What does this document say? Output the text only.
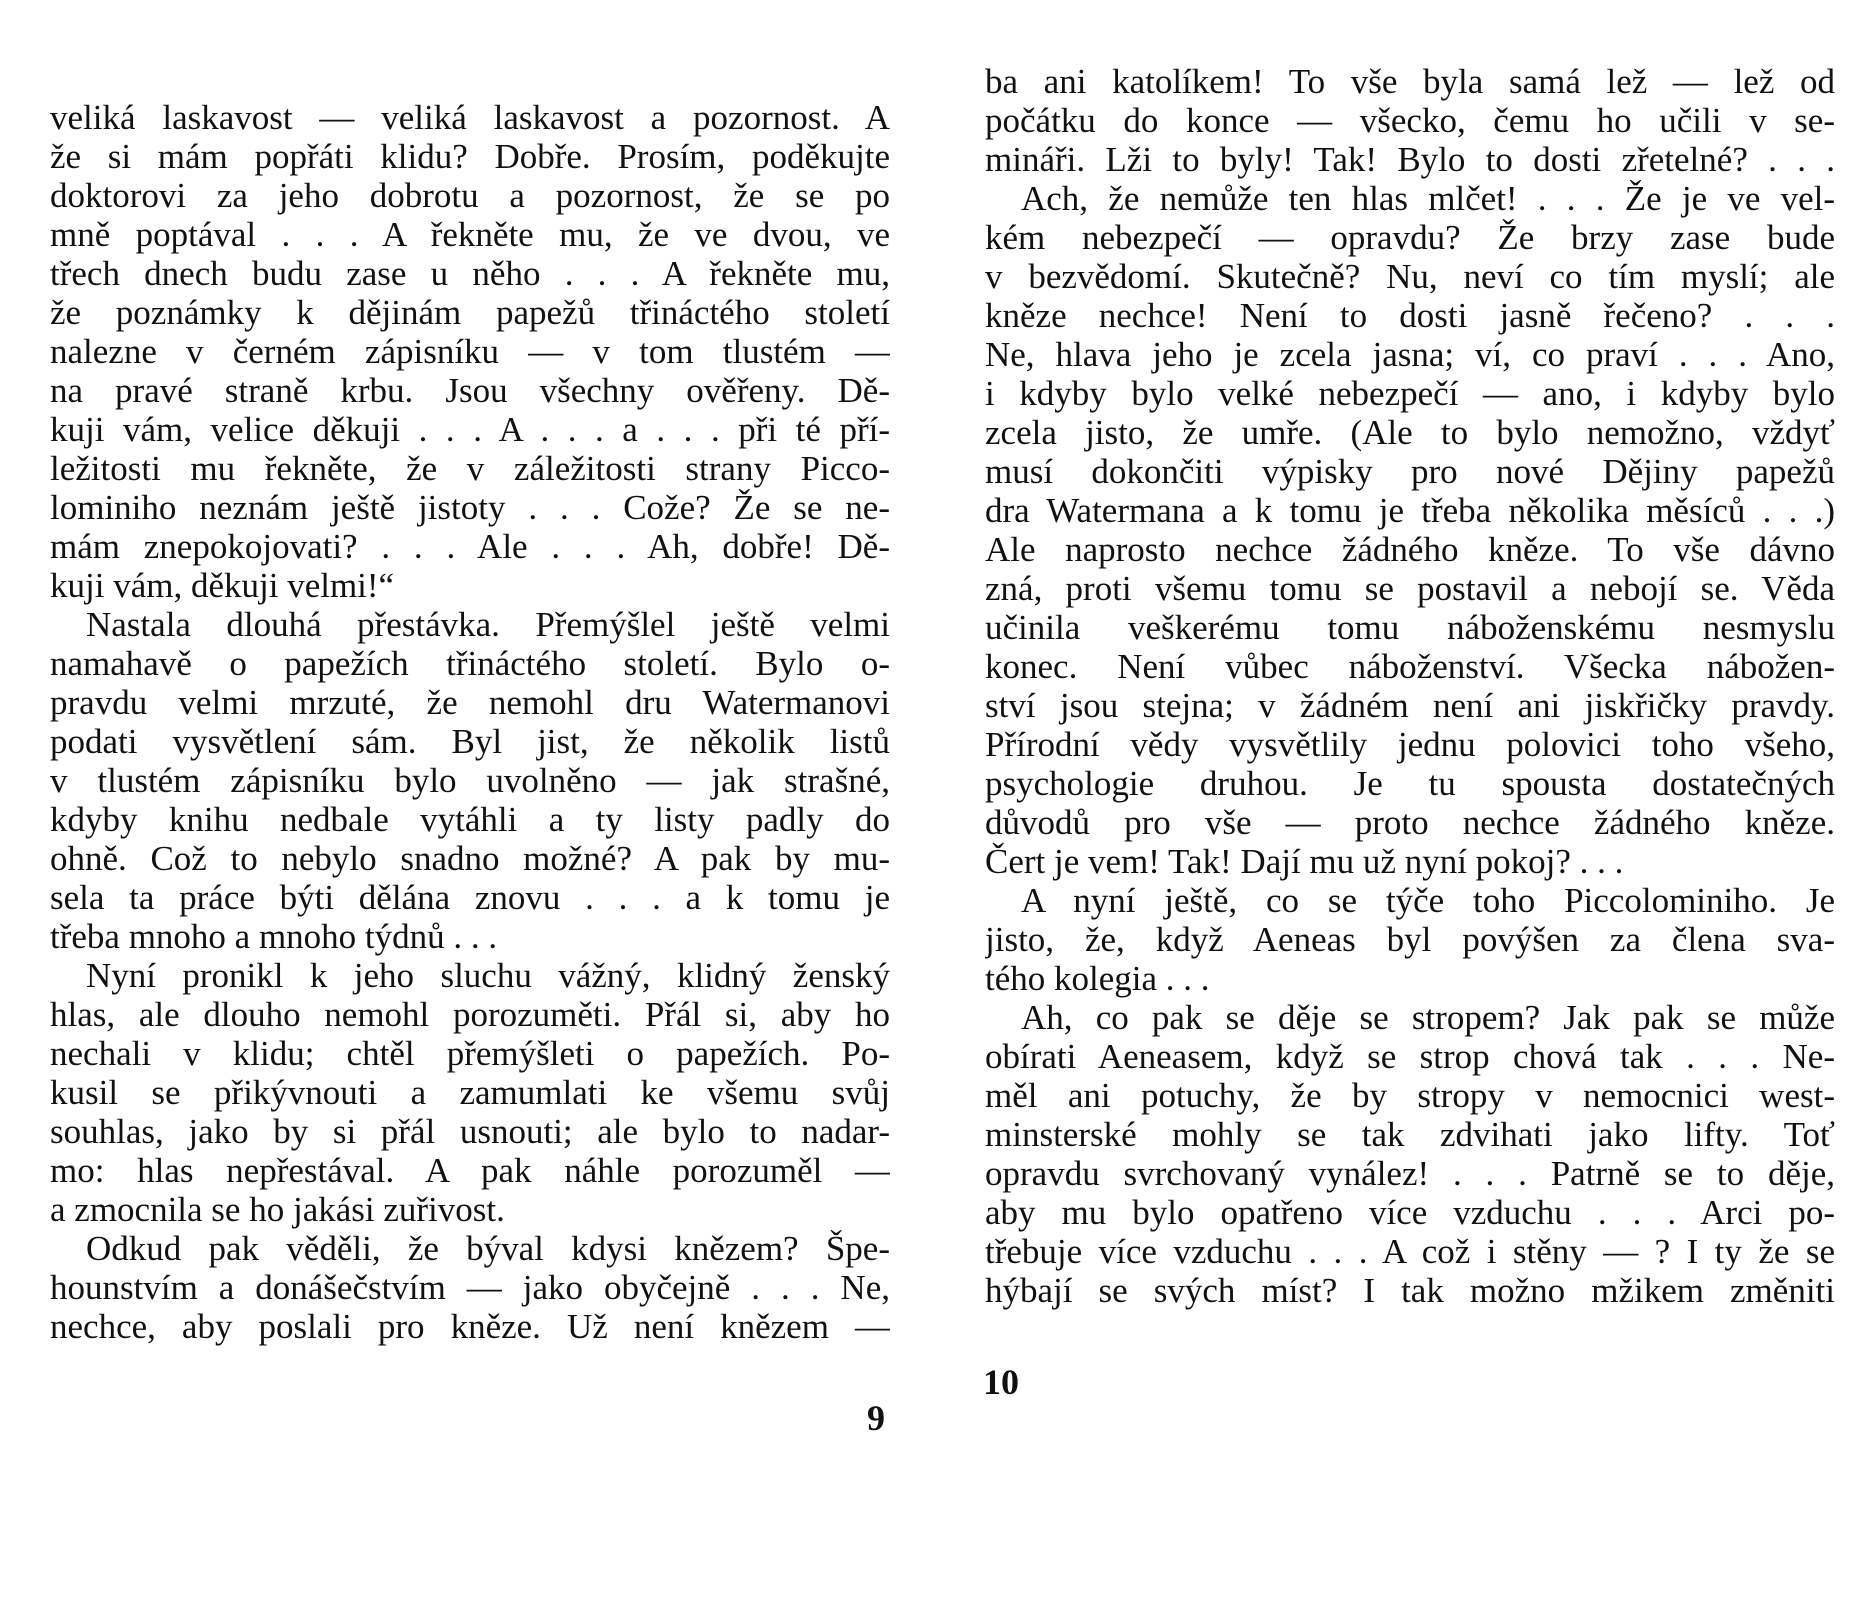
veliká laskavost — veliká laskavost a pozornost. A
že si mám popřáti klidu? Dobře. Prosím, poděkujte
doktorovi za jeho dobrotu a pozornost, že se po
mně poptával . . . A řekněte mu, že ve dvou, ve
třech dnech budu zase u něho . . . A řekněte mu,
že poznámky k dějinám papežů třináctého století
nalezne v černém zápisníku — v tom tlustém —
na pravé straně krbu. Jsou všechny ověřeny. Dě-
kuji vám, velice děkuji . . . A . . . a . . . při té pří-
ležitosti mu řekněte, že v záležitosti strany Picco-
lominiho neznám ještě jistoty . . . Cože? Že se ne-
mám znepokojovati? . . . Ale . . . Ah, dobře! Dě-
kuji vám, děkuji velmi!“
Nastala dlouhá přestávka. Přemýšlel ještě velmi
namahavě o papežích třináctého století. Bylo o-
pravdu velmi mrzuté, že nemohl dru Watermanovi
podati vysvětlení sám. Byl jist, že několik listů
v tlustém zápisníku bylo uvolněno — jak strašné,
kdyby knihu nedbale vytáhli a ty listy padly do
ohně. Což to nebylo snadno možné? A pak by mu-
sela ta práce býti dělána znovu . . . a k tomu je
třeba mnoho a mnoho týdnů . . .
Nyní pronikl k jeho sluchu vážný, klidný ženský
hlas, ale dlouho nemohl porozuměti. Přál si, aby ho
nechali v klidu; chtěl přemýšleti o papežích. Po-
kusil se přikývnouti a zamumlati ke všemu svůj
souhlas, jako by si přál usnouti; ale bylo to nadar-
mo: hlas nepřestával. A pak náhle porozuměl —
a zmocnila se ho jakási zuřivost.
Odkud pak věděli, že býval kdysi knězem? Špe-
hounstvím a donášečstvím — jako obyčejně . . . Ne,
nechce, aby poslali pro kněze. Už není knězem —
9
ba ani katolíkem! To vše byla samá lež — lež od
počátku do konce — všecko, čemu ho učili v se-
mináři. Lži to byly! Tak! Bylo to dosti zřetelné? . . .
Ach, že nemůže ten hlas mlčet! . . . Že je ve vel-
kém nebezpečí — opravdu? Že brzy zase bude
v bezvědomí. Skutečně? Nu, neví co tím myslí; ale
kněze nechce! Není to dosti jasně řečeno? . . .
Ne, hlava jeho je zcela jasna; ví, co praví . . . Ano,
i kdyby bylo velké nebezpečí — ano, i kdyby bylo
zcela jisto, že umře. (Ale to bylo nemožno, vždyť
musí dokončiti výpisky pro nové Dějiny papežů
dra Watermana a k tomu je třeba několika měsíců . . .)
Ale naprosto nechce žádného kněze. To vše dávno
zná, proti všemu tomu se postavil a nebojí se. Věda
učinila veškerému tomu náboženskému nesmyslu
konec. Není vůbec náboženství. Všecka nábožen-
ství jsou stejna; v žádném není ani jiskřičky pravdy.
Přírodní vědy vysvětlily jednu polovici toho všeho,
psychologie druhou. Je tu spousta dostatečných
důvodů pro vše — proto nechce žádného kněze.
Čert je vem! Tak! Dají mu už nyní pokoj? . . .
A nyní ještě, co se týče toho Piccolominiho. Je
jisto, že, když Aeneas byl povýšen za člena sva-
tého kolegia . . .
Ah, co pak se děje se stropem? Jak pak se může
obírati Aeneasem, když se strop chová tak . . . Ne-
měl ani potuchy, že by stropy v nemocnici west-
minsterské mohly se tak zdvihati jako lifty. Toť
opravdu svrchovaný vynález! . . . Patrně se to děje,
aby mu bylo opatřeno více vzduchu . . . Arci po-
třebuje více vzduchu . . . A což i stěny — ? I ty že se
hýbají se svých míst? I tak možno mžikem změniti
10
